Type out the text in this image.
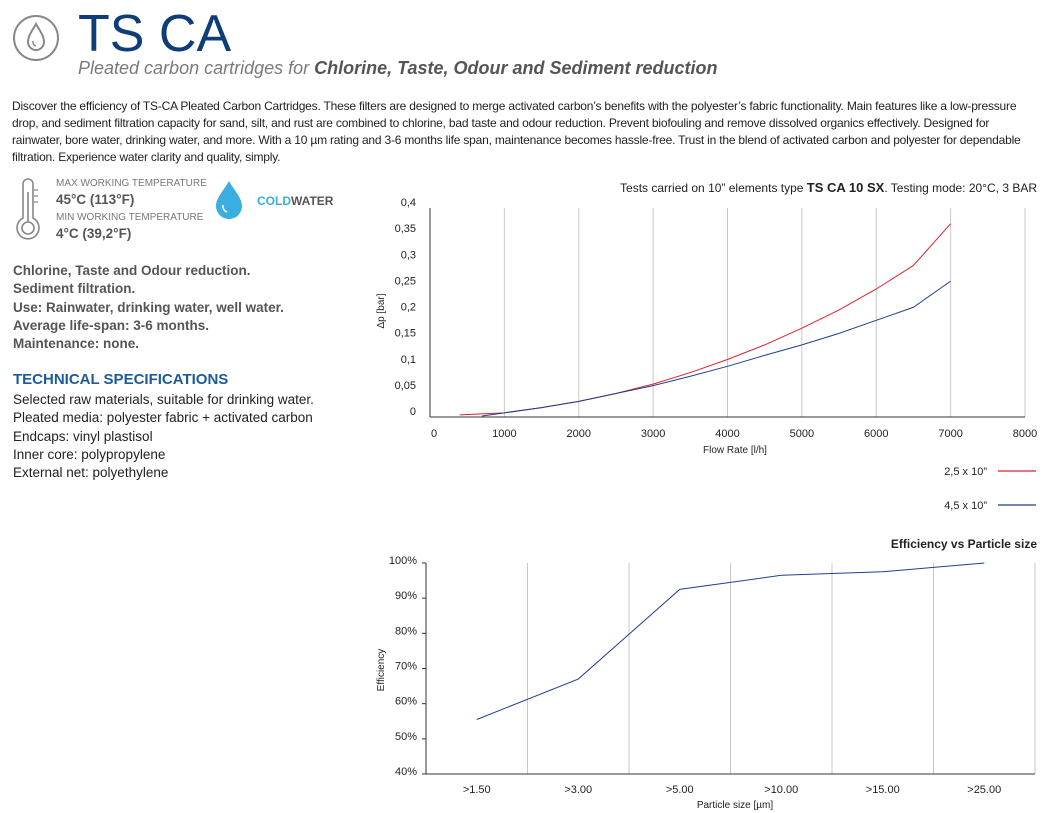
TS CA
Pleated carbon cartridges for Chlorine, Taste, Odour and Sediment reduction
Discover the efficiency of TS-CA Pleated Carbon Cartridges. These filters are designed to merge activated carbon’s benefits with the polyester’s fabric functionality. Main features like a low-pressure drop, and sediment filtration capacity for sand, silt, and rust are combined to chlorine, bad taste and odour reduction. Prevent biofouling and remove dissolved organics effectively. Designed for rainwater, bore water, drinking water, and more. With a 10 µm rating and 3-6 months life span, maintenance becomes hassle-free. Trust in the blend of activated carbon and polyester for dependable filtration. Experience water clarity and quality, simply.
MAX WORKING TEMPERATURE
45°C (113°F)
MIN WORKING TEMPERATURE
4°C (39,2°F)
COLDWATER
Chlorine, Taste and Odour reduction.
Sediment filtration.
Use: Rainwater, drinking water, well water.
Average life-span: 3-6 months.
Maintenance: none.
TECHNICAL SPECIFICATIONS
Selected raw materials, suitable for drinking water.
Pleated media: polyester fabric + activated carbon
Endcaps: vinyl plastisol
Inner core: polypropylene
External net: polyethylene
Tests carried on 10” elements type TS CA 10 SX. Testing mode: 20°C, 3 BAR
0
0,05
0,1
0,15
0,2
0,25
0,3
0,35
0,4
0	1000	2000	3000	4000	5000	6000	7000	8000
Flow Rate [l/h]
Δp [bar]
2,5 x 10”
4,5 x 10”
Efficiency vs Particle size
40%
50%
60%
70%
80%
90%
100%
>1.50	>3.00	>5.00	>10.00	>15.00	>25.00
Particle size [µm]
Efficiency
